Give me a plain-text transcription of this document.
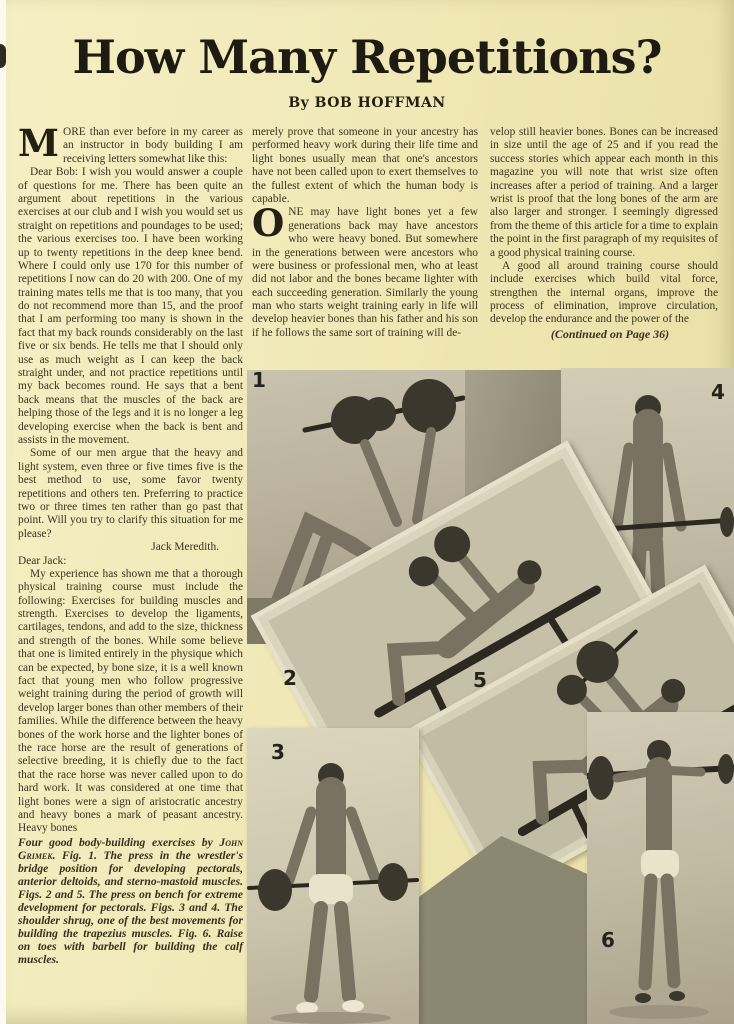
How Many Repetitions?
By BOB HOFFMAN

MORE than ever before in my career as an instructor in body building I am receiving letters somewhat like this:

Dear Bob: I wish you would answer a couple of questions for me. There has been quite an argument about repetitions in the various exercises at our club and I wish you would set us straight on repetitions and poundages to be used; the various exercises too. I have been working up to twenty repetitions in the deep knee bend. Where I could only use 170 for this number of repetitions I now can do 20 with 200. One of my training mates tells me that is too many, that you do not recommend more than 15, and the proof that I am performing too many is shown in the fact that my back rounds considerably on the last five or six bends. He tells me that I should only use as much weight as I can keep the back straight under, and not practice repetitions until my back becomes round. He says that a bent back means that the muscles of the back are helping those of the legs and it is no longer a leg developing exercise when the back is bent and assists in the movement.

Some of our men argue that the heavy and light system, even three or five times five is the best method to use, some favor twenty repetitions and others ten. Preferring to practice two or three times ten rather than go past that point. Will you try to clarify this situation for me please?

Jack Meredith.

Dear Jack:

My experience has shown me that a thorough physical training course must include the following: Exercises for building muscles and strength. Exercises to develop the ligaments, cartilages, tendons, and add to the size, thickness and strength of the bones. While some believe that one is limited entirely in the physique which can be expected, by bone size, it is a well known fact that young men who follow progressive weight training during the period of growth will develop larger bones than other members of their families. While the difference between the heavy bones of the work horse and the lighter bones of the race horse are the result of generations of selective breeding, it is chiefly due to the fact that the race horse was never called upon to do hard work. It was considered at one time that light bones were a sign of aristocratic ancestry and heavy bones a mark of peasant ancestry. Heavy bones

Four good body-building exercises by John Grimek. Fig. 1. The press in the wrestler's bridge position for developing pectorals, anterior deltoids, and sterno-mastoid muscles. Figs. 2 and 5. The press on bench for extreme development for pectorals. Figs. 3 and 4. The shoulder shrug, one of the best movements for building the trapezius muscles. Fig. 6. Raise on toes with barbell for building the calf muscles.

merely prove that someone in your ancestry has performed heavy work during their life time and light bones usually mean that one's ancestors have not been called upon to exert themselves to the fullest extent of which the human body is capable.

ONE may have light bones yet a few generations back may have ancestors who were heavy boned. But somewhere in the generations between were ancestors who were business or professional men, who at least did not labor and the bones became lighter with each succeeding generation. Similarly the young man who starts weight training early in life will develop heavier bones than his father and his son if he follows the same sort of training will de-

velop still heavier bones. Bones can be increased in size until the age of 25 and if you read the success stories which appear each month in this magazine you will note that wrist size often increases after a period of training. And a larger wrist is proof that the long bones of the arm are also larger and stronger. I seemingly digressed from the theme of this article for a time to explain the point in the first paragraph of my requisites of a good physical training course.

A good all around training course should include exercises which build vital force, strengthen the internal organs, improve the process of elimination, improve circulation, develop the endurance and the power of the

(Continued on Page 36)

1
2
3
4
5
6
